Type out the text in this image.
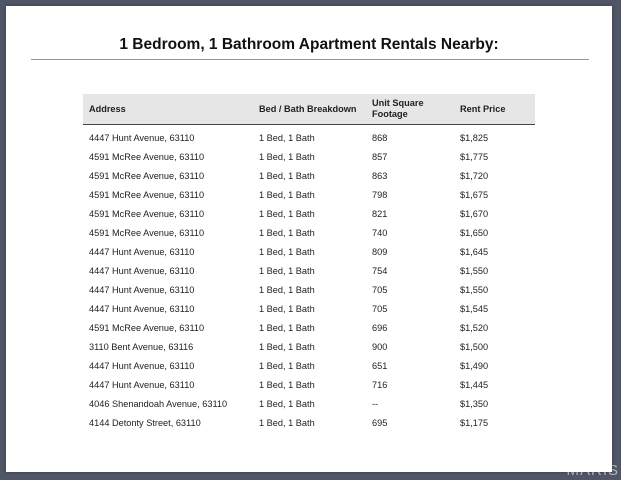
1 Bedroom, 1 Bathroom Apartment Rentals Nearby:
Address	Bed / Bath Breakdown	Unit Square Footage	Rent Price
4447 Hunt Avenue, 63110	1 Bed, 1 Bath	868	$1,825
4591 McRee Avenue, 63110	1 Bed, 1 Bath	857	$1,775
4591 McRee Avenue, 63110	1 Bed, 1 Bath	863	$1,720
4591 McRee Avenue, 63110	1 Bed, 1 Bath	798	$1,675
4591 McRee Avenue, 63110	1 Bed, 1 Bath	821	$1,670
4591 McRee Avenue, 63110	1 Bed, 1 Bath	740	$1,650
4447 Hunt Avenue, 63110	1 Bed, 1 Bath	809	$1,645
4447 Hunt Avenue, 63110	1 Bed, 1 Bath	754	$1,550
4447 Hunt Avenue, 63110	1 Bed, 1 Bath	705	$1,550
4447 Hunt Avenue, 63110	1 Bed, 1 Bath	705	$1,545
4591 McRee Avenue, 63110	1 Bed, 1 Bath	696	$1,520
3110 Bent Avenue, 63116	1 Bed, 1 Bath	900	$1,500
4447 Hunt Avenue, 63110	1 Bed, 1 Bath	651	$1,490
4447 Hunt Avenue, 63110	1 Bed, 1 Bath	716	$1,445
4046 Shenandoah Avenue, 63110	1 Bed, 1 Bath	--	$1,350
4144 Detonty Street, 63110	1 Bed, 1 Bath	695	$1,175
MARIS
